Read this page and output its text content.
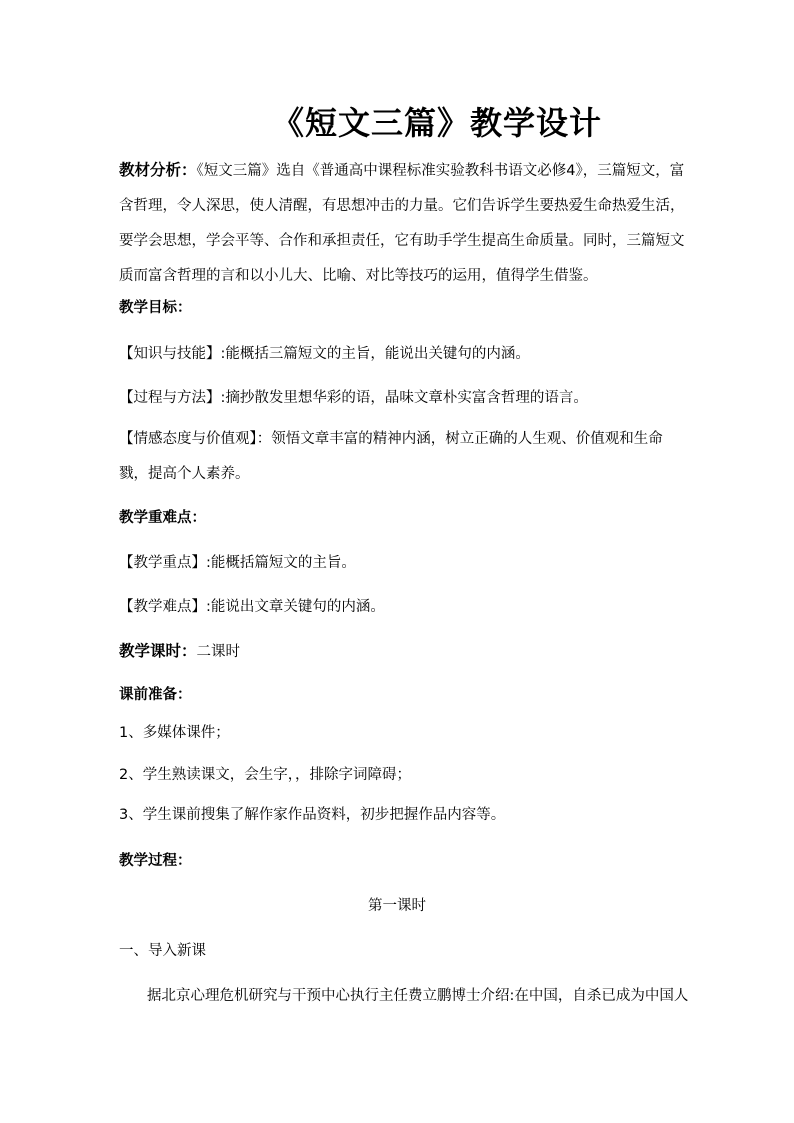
《短文三篇》教学设计
教材分析：《短文三篇》选自《普通高中课程标准实验教科书语文必修4》，三篇短文，富含哲理，令人深思，使人清醒，有思想冲击的力量。它们告诉学生要热爱生命热爱生活，要学会思想，学会平等、合作和承担责任，它有助手学生提高生命质量。同时，三篇短文质而富含哲理的言和以小儿大、比喻、对比等技巧的运用，值得学生借鉴。
教学目标：
【知识与技能】:能概括三篇短文的主旨，能说出关键句的内涵。
【过程与方法】:摘抄散发里想华彩的语，晶味文章朴实富含哲理的语言。
【情感态度与价值观】：领悟文章丰富的精神内涵，树立正确的人生观、价值观和生命戮，提高个人素养。
教学重难点：
【教学重点】:能概括篇短文的主旨。
【教学难点】:能说出文章关键句的内涵。
教学课时：二课时
课前准备：
1、多媒体课件；
2、学生熟读课文，会生字，，排除字词障碍；
3、学生课前搜集了解作家作品资料，初步把握作品内容等。
教学过程：
第一课时
一、导入新课
据北京心理危机研究与干预中心执行主任费立鹏博士介绍:在中国，自杀已成为中国人
